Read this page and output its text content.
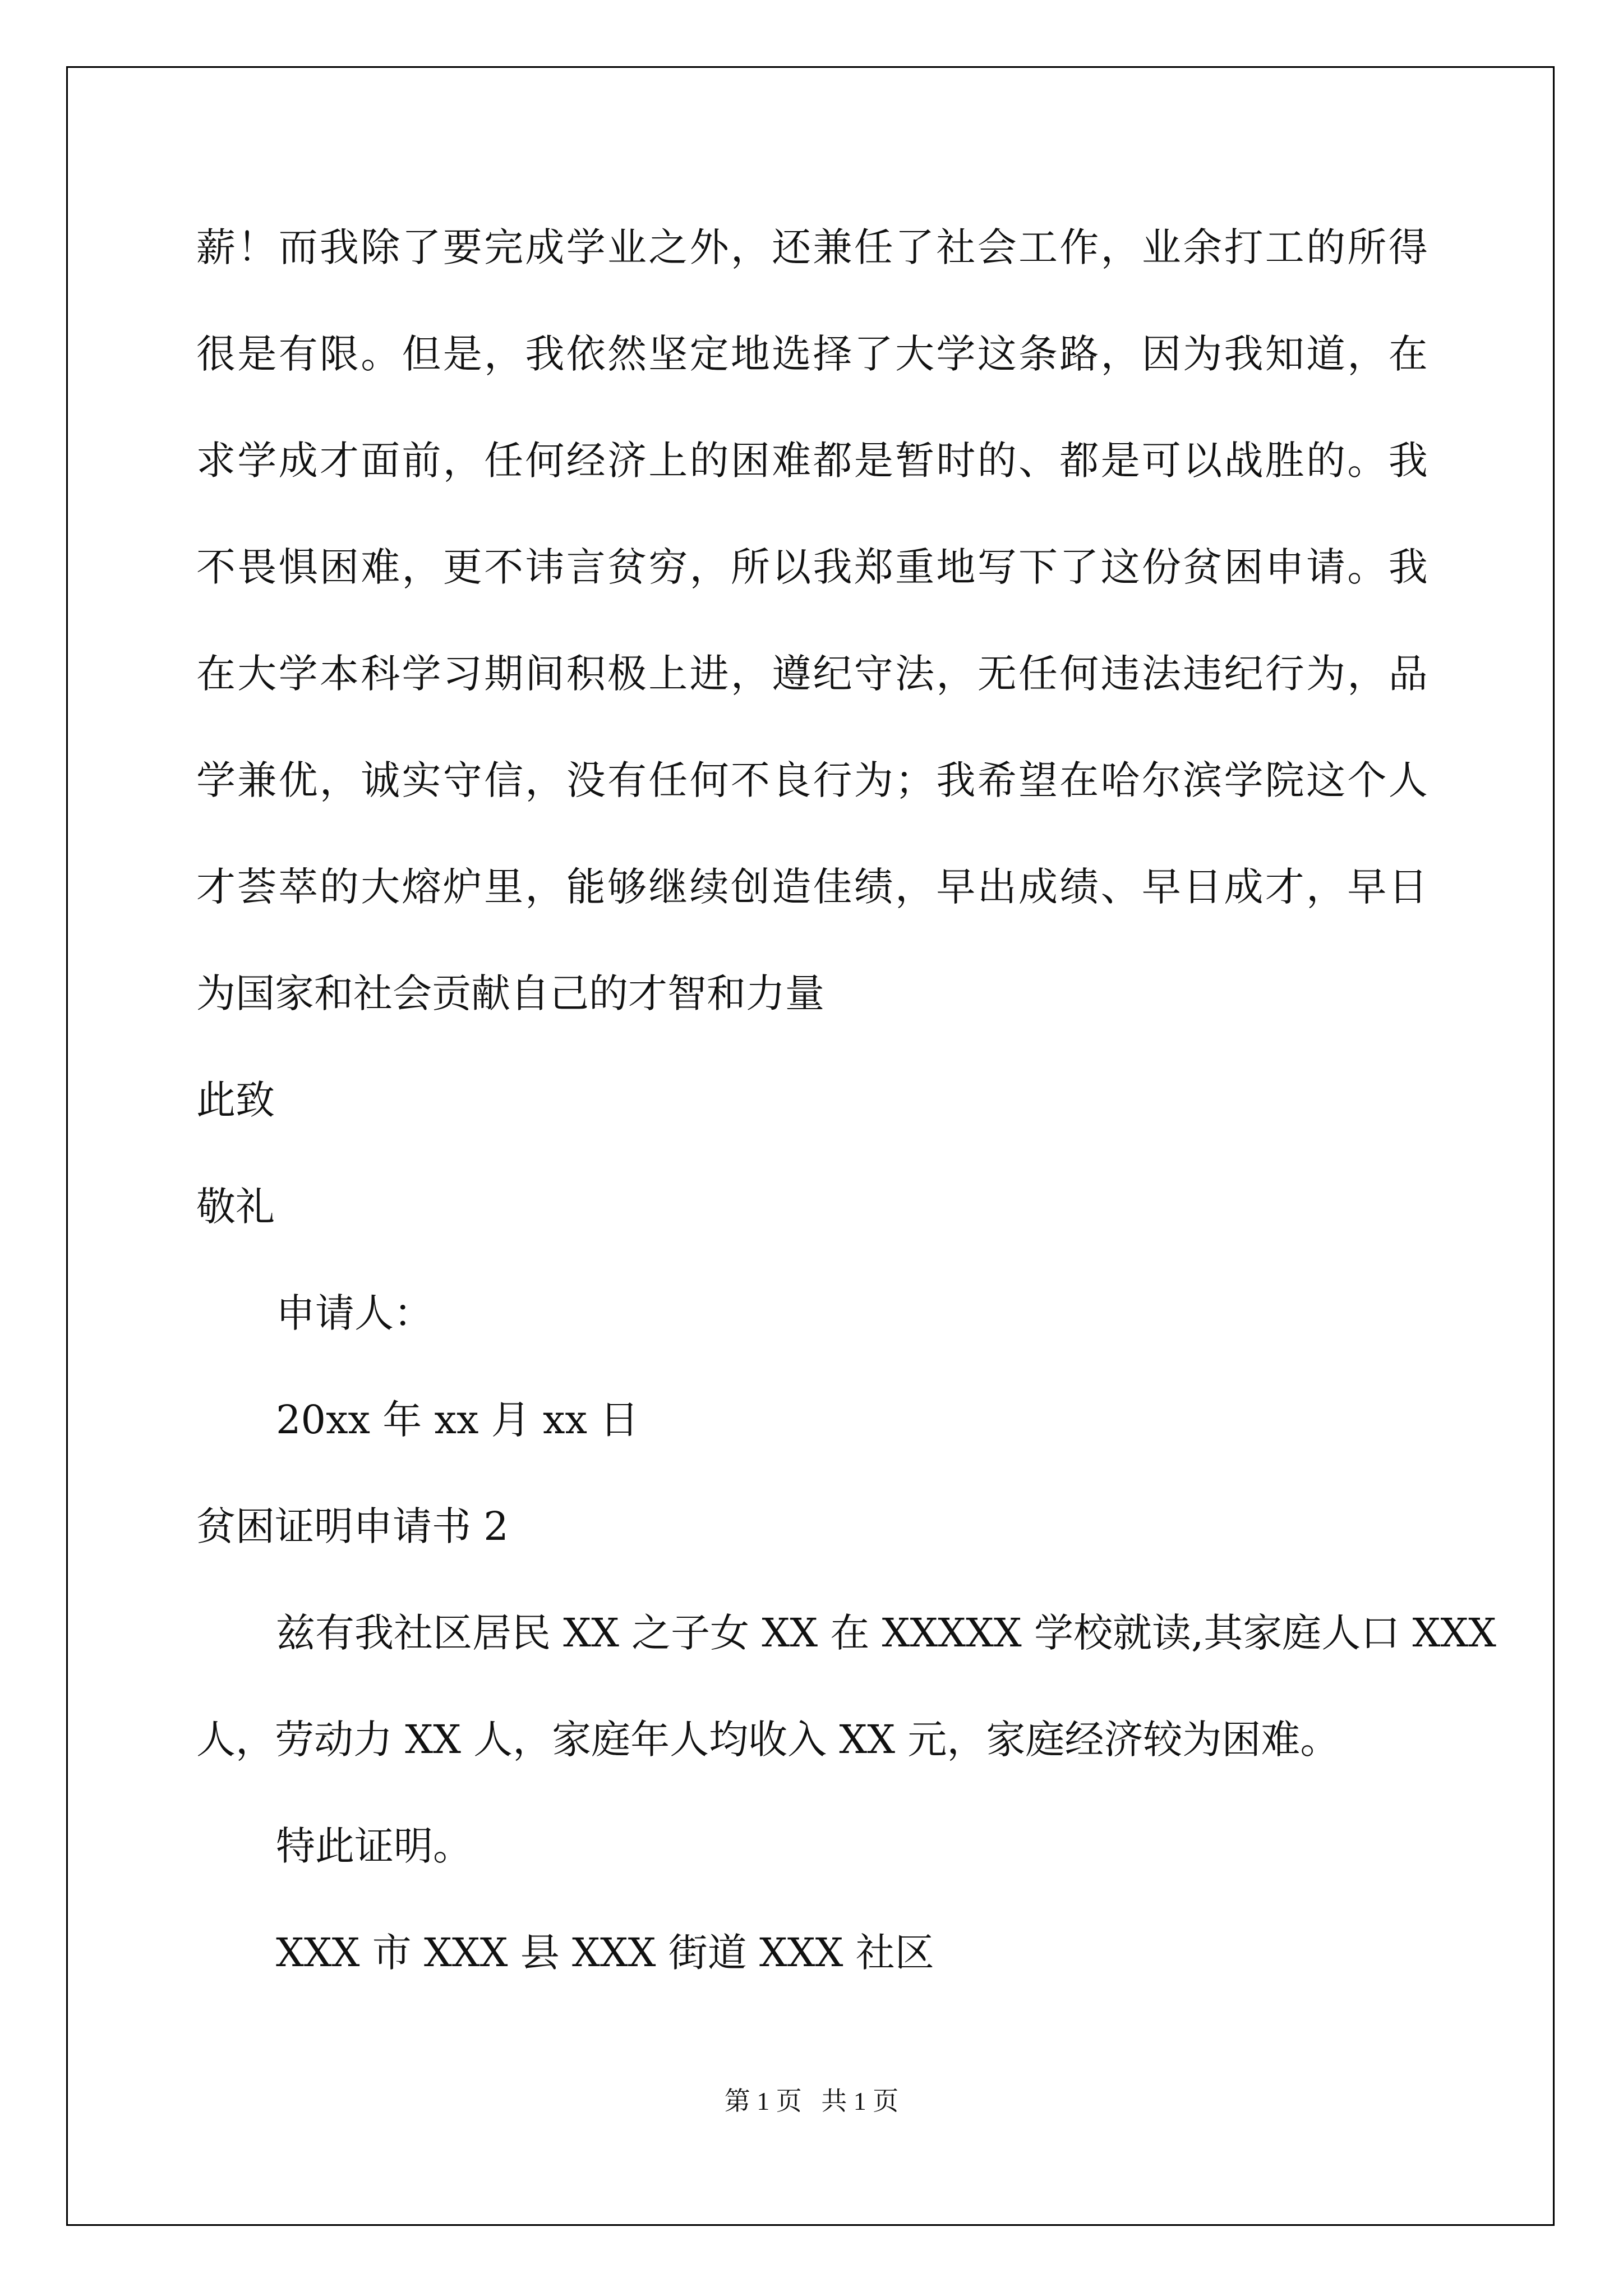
薪！而我除了要完成学业之外，还兼任了社会工作，业余打工的所得

很是有限。但是，我依然坚定地选择了大学这条路，因为我知道，在

求学成才面前，任何经济上的困难都是暂时的、都是可以战胜的。我

不畏惧困难，更不讳言贫穷，所以我郑重地写下了这份贫困申请。我

在大学本科学习期间积极上进，遵纪守法，无任何违法违纪行为，品

学兼优，诚实守信，没有任何不良行为；我希望在哈尔滨学院这个人

才荟萃的大熔炉里，能够继续创造佳绩，早出成绩、早日成才，早日

为国家和社会贡献自己的才智和力量

此致

敬礼

申请人：

20xx 年 xx 月 xx 日

贫困证明申请书 2

兹有我社区居民 XX 之子女 XX 在 XXXXX 学校就读,其家庭人口 XXX

人，劳动力 XX 人，家庭年人均收入 XX 元，家庭经济较为困难。

特此证明。

XXX 市 XXX 县 XXX 街道 XXX 社区

第 1 页   共 1 页
